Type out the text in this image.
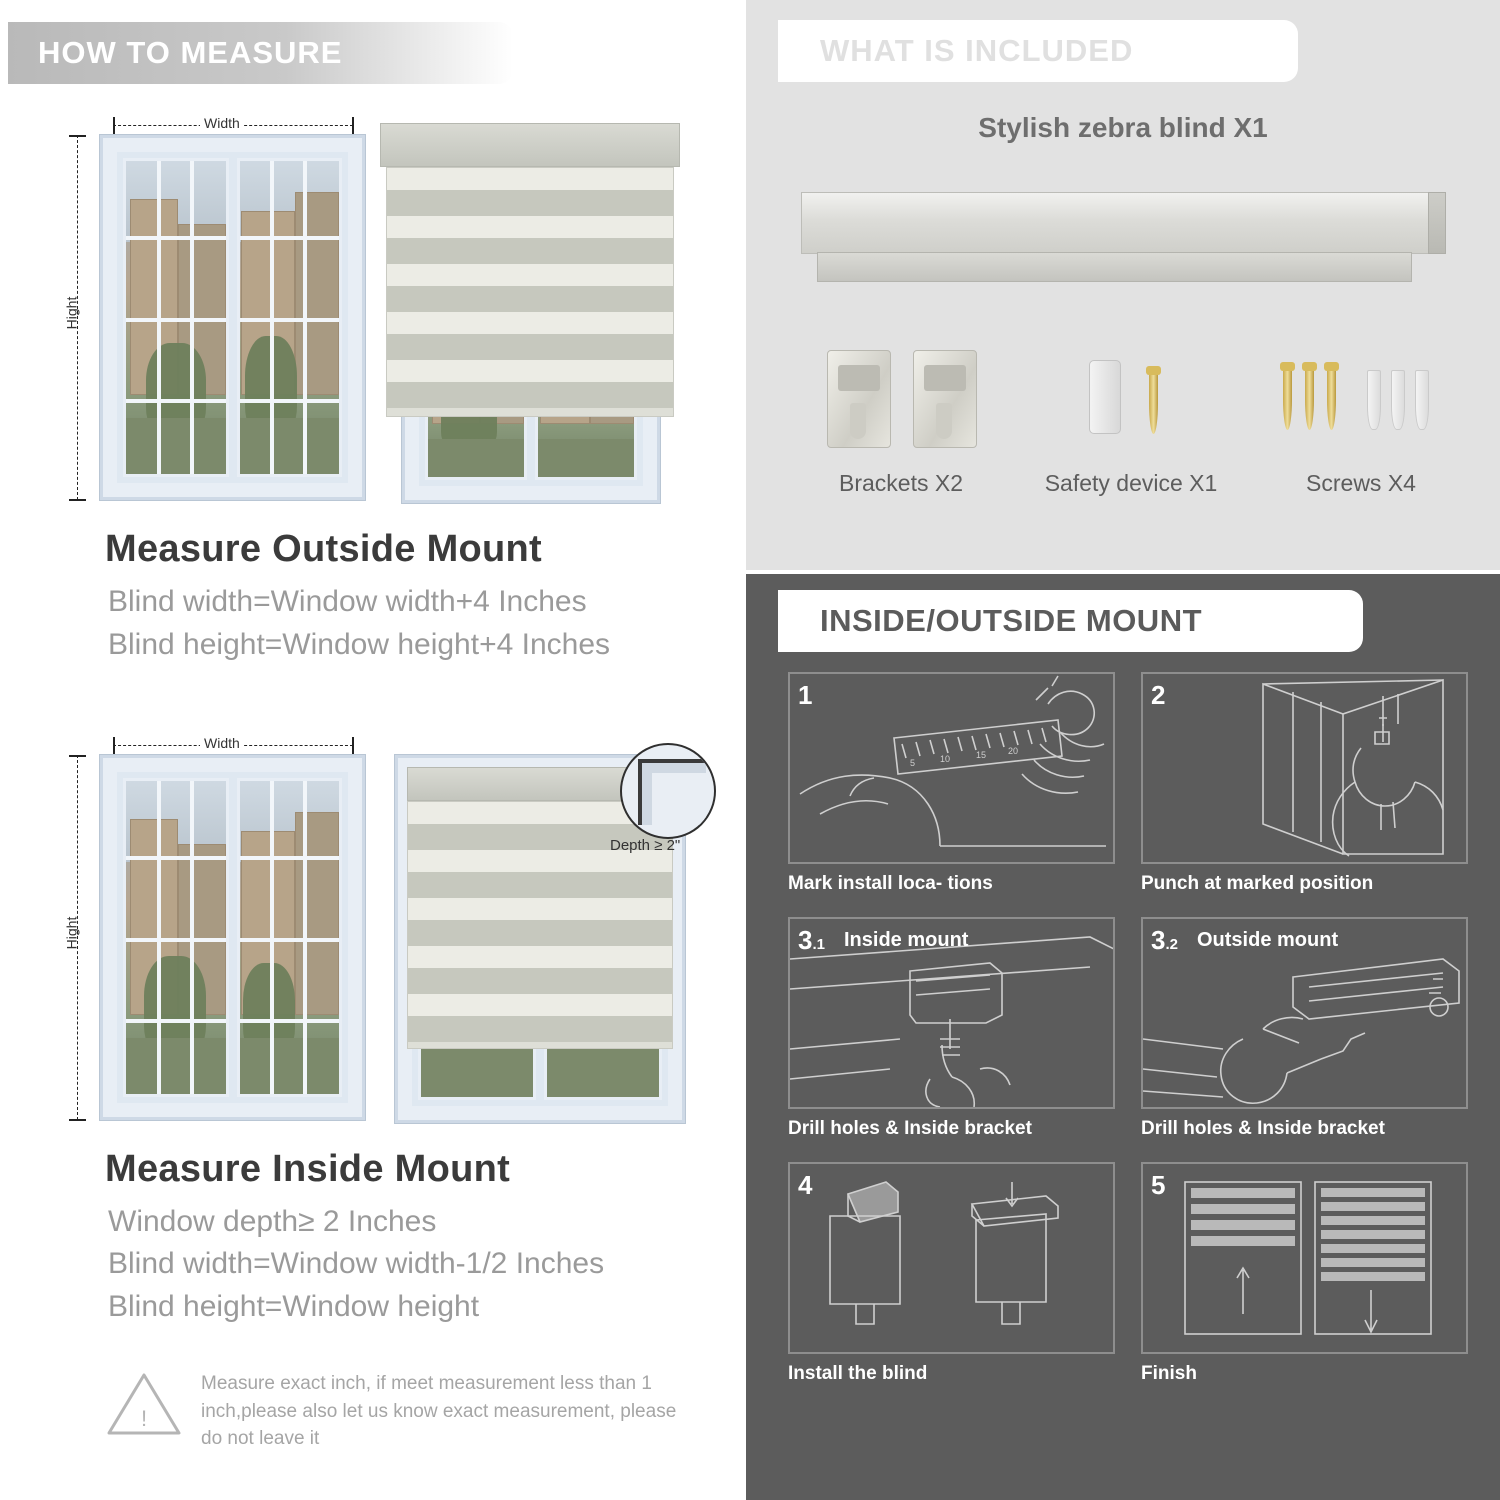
HOW TO MEASURE
Width
Hight
Measure Outside Mount
Blind width=Window width+4 Inches
Blind height=Window height+4 Inches
Width
Hight
Depth ≥ 2"
Measure Inside Mount
Window depth≥ 2 Inches
Blind width=Window width-1/2 Inches
Blind height=Window height
!
Measure exact inch, if meet measurement less than 1 inch,please also let us know exact measurement, please do not leave it
WHAT IS INCLUDED
Stylish zebra blind X1
Brackets X2	Safety device X1	Screws X4
INSIDE/OUTSIDE MOUNT
1
5	10	15 20
Mark install loca- tions
2
Punch at marked position
3.1 Inside mount
Drill holes & Inside bracket
3.2 Outside mount
Drill holes & Inside bracket
4
Install the blind
5
Finish
